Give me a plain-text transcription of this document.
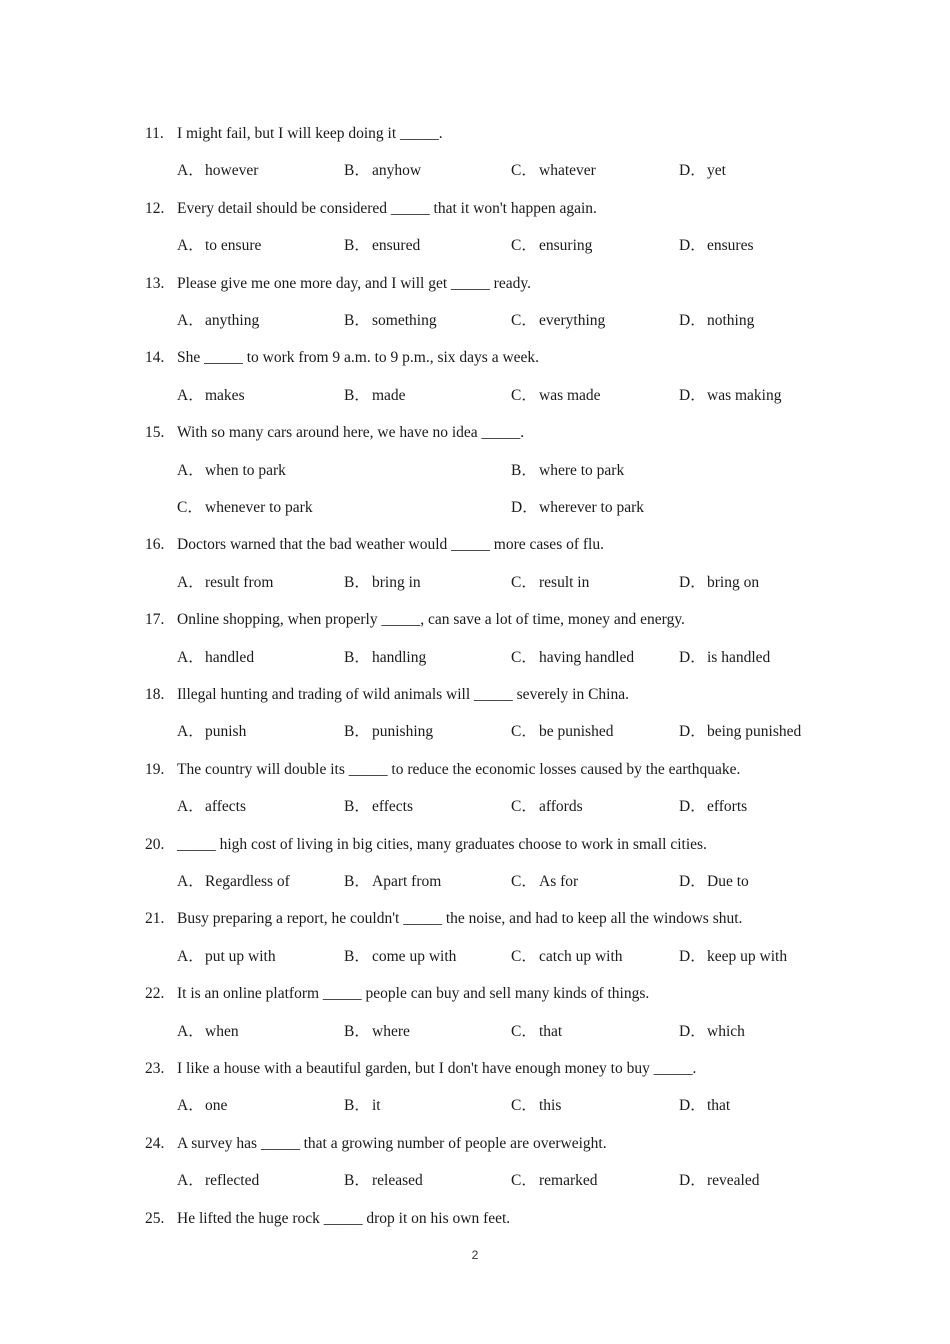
11. I might fail, but I will keep doing it _____.
A．however	B． anyhow	C． whatever	D．yet
12. Every detail should be considered _____ that it won't happen again.
A．to ensure	B． ensured	C． ensuring	D．ensures
13. Please give me one more day, and I will get _____ ready.
A．anything	B． something	C． everything	D．nothing
14. She _____ to work from 9 a.m. to 9 p.m., six days a week.
A．makes	B． made	C． was made	D．was making
15. With so many cars around here, we have no idea _____.
A．when to park	B． where to park
C． whenever to park	D．wherever to park
16. Doctors warned that the bad weather would _____ more cases of flu.
A．result from	B． bring in	C． result in	D．bring on
17. Online shopping, when properly _____, can save a lot of time, money and energy.
A．handled	B． handling	C． having handled	D．is handled
18. Illegal hunting and trading of wild animals will _____ severely in China.
A．punish	B． punishing	C． be punished	D．being punished
19. The country will double its _____ to reduce the economic losses caused by the earthquake.
A．affects	B． effects	C． affords	D．efforts
20. _____ high cost of living in big cities, many graduates choose to work in small cities.
A．Regardless of	B． Apart from	C． As for	D．Due to
21. Busy preparing a report, he couldn't _____ the noise, and had to keep all the windows shut.
A．put up with	B． come up with	C． catch up with	D．keep up with
22. It is an online platform _____ people can buy and sell many kinds of things.
A．when	B． where	C． that	D．which
23. I like a house with a beautiful garden, but I don't have enough money to buy _____.
A．one	B． it	C． this	D．that
24. A survey has _____ that a growing number of people are overweight.
A．reflected	B． released	C． remarked	D．revealed
25. He lifted the huge rock _____ drop it on his own feet.
2
